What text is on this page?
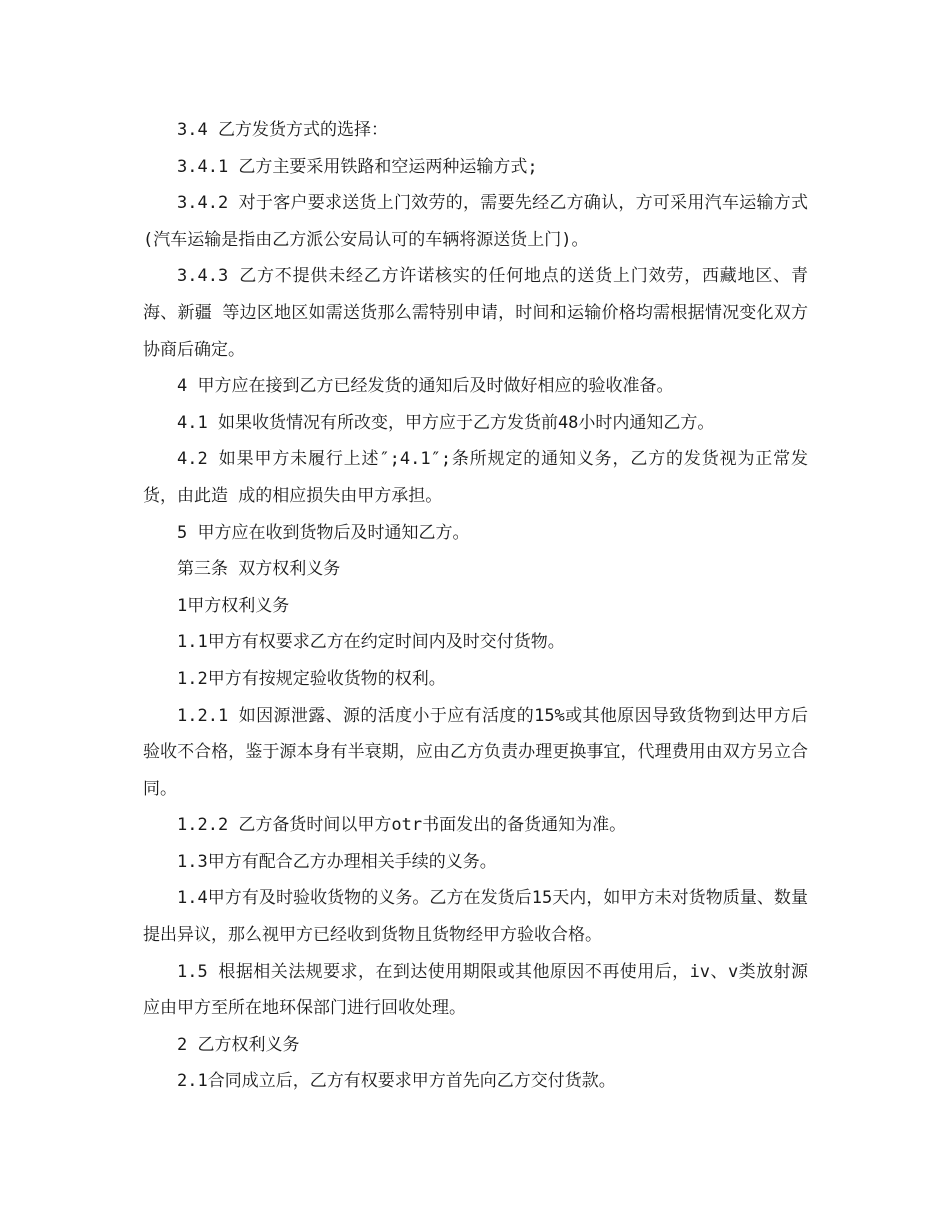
3.4 乙方发货方式的选择：

3.4.1 乙方主要采用铁路和空运两种运输方式;

3.4.2 对于客户要求送货上门效劳的，需要先经乙方确认，方可采用汽车运输方式(汽车运输是指由乙方派公安局认可的车辆将源送货上门)。

3.4.3 乙方不提供未经乙方许诺核实的任何地点的送货上门效劳，西藏地区、青海、新疆 等边区地区如需送货那么需特别申请，时间和运输价格均需根据情况变化双方协商后确定。

4 甲方应在接到乙方已经发货的通知后及时做好相应的验收准备。

4.1 如果收货情况有所改变，甲方应于乙方发货前48小时内通知乙方。

4.2 如果甲方未履行上述″;4.1″;条所规定的通知义务，乙方的发货视为正常发货，由此造 成的相应损失由甲方承担。

5 甲方应在收到货物后及时通知乙方。

第三条 双方权利义务

1甲方权利义务

1.1甲方有权要求乙方在约定时间内及时交付货物。

1.2甲方有按规定验收货物的权利。

1.2.1 如因源泄露、源的活度小于应有活度的15%或其他原因导致货物到达甲方后验收不合格，鉴于源本身有半衰期，应由乙方负责办理更换事宜，代理费用由双方另立合同。

1.2.2 乙方备货时间以甲方otr书面发出的备货通知为准。

1.3甲方有配合乙方办理相关手续的义务。

1.4甲方有及时验收货物的义务。乙方在发货后15天内，如甲方未对货物质量、数量提出异议，那么视甲方已经收到货物且货物经甲方验收合格。

1.5 根据相关法规要求，在到达使用期限或其他原因不再使用后，iv、v类放射源应由甲方至所在地环保部门进行回收处理。

2 乙方权利义务

2.1合同成立后，乙方有权要求甲方首先向乙方交付货款。
